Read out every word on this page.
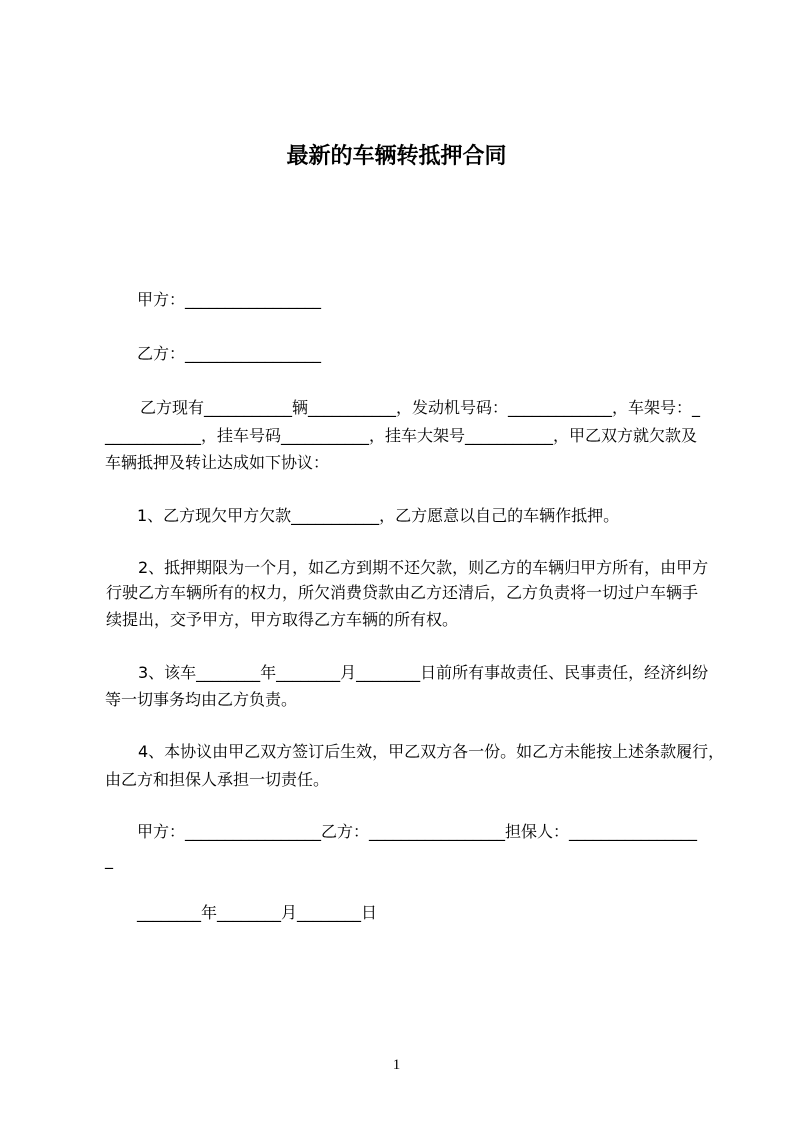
最新的车辆转抵押合同
甲方：_________________
乙方：_________________
乙方现有___________辆___________，发动机号码：_____________，车架号：_
____________，挂车号码___________，挂车大架号___________，甲乙双方就欠款及
车辆抵押及转让达成如下协议：
1、乙方现欠甲方欠款___________，乙方愿意以自己的车辆作抵押。
2、抵押期限为一个月，如乙方到期不还欠款，则乙方的车辆归甲方所有，由甲方
行驶乙方车辆所有的权力，所欠消费贷款由乙方还清后，乙方负责将一切过户车辆手
续提出，交予甲方，甲方取得乙方车辆的所有权。
3、该车________年________月________日前所有事故责任、民事责任，经济纠纷
等一切事务均由乙方负责。
4、本协议由甲乙双方签订后生效，甲乙双方各一份。如乙方未能按上述条款履行，
由乙方和担保人承担一切责任。
甲方：_________________乙方：_________________担保人：________________
_
________年________月________日
1
